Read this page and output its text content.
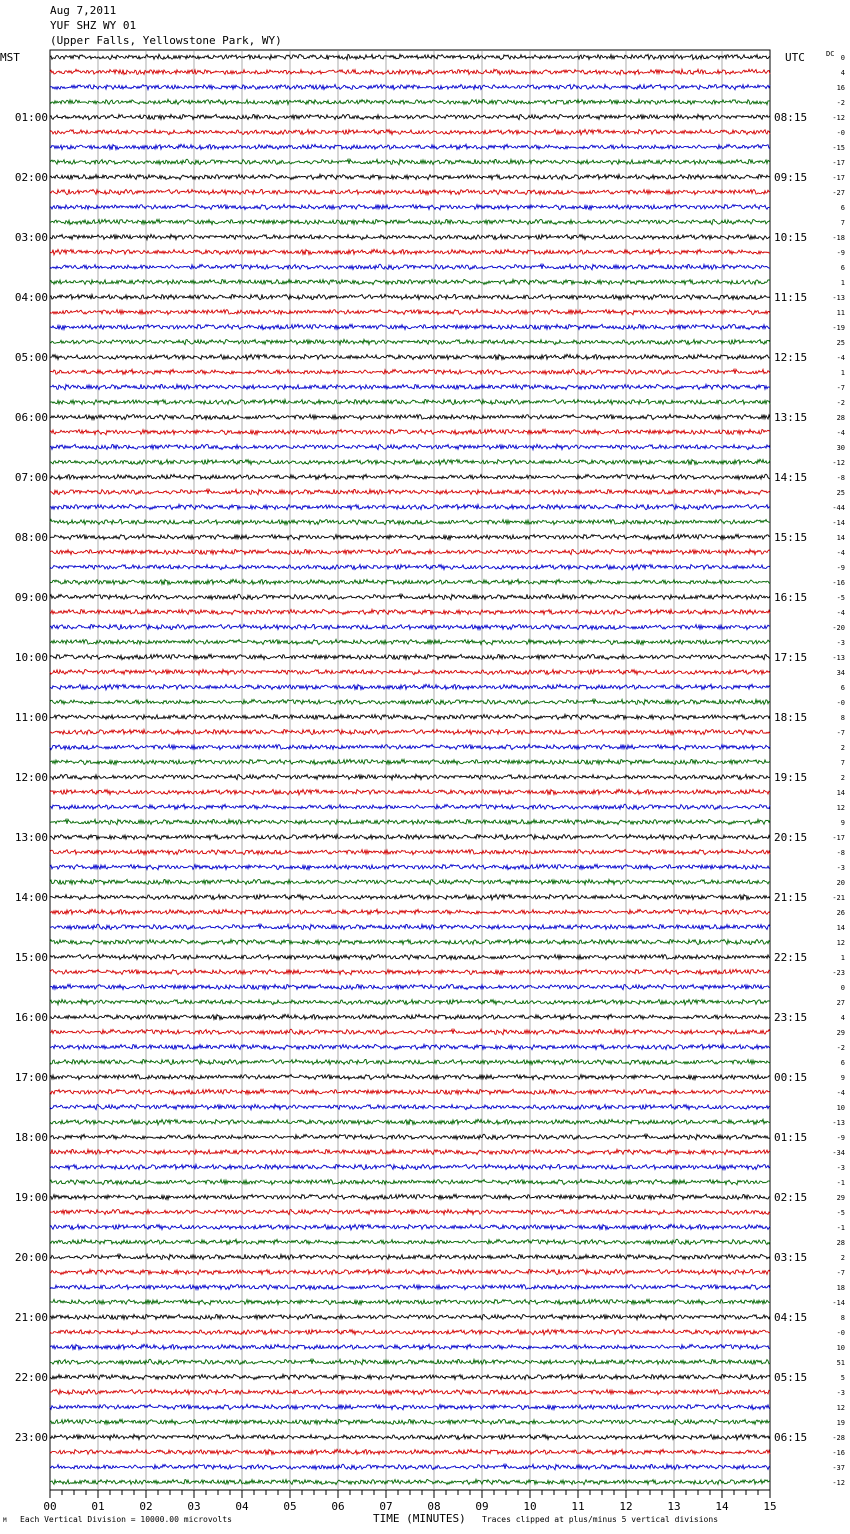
Aug 7,2011
YUF SHZ WY 01
(Upper Falls, Yellowstone Park, WY)
00	01	02	03	04	05	06	07	08	09	10	11	12	13	14	15
01:00
02:00
03:00
04:00
05:00
06:00
07:00
08:00
09:00
10:00
11:00
12:00
13:00
14:00
15:00
16:00
17:00
18:00
19:00
20:00
21:00
22:00
23:00
08:15
09:15
10:15
11:15
12:15
13:15
14:15
15:15
16:15
17:15
18:15
19:15
20:15
21:15
22:15
23:15
00:15
01:15
02:15
03:15
04:15
05:15
06:15
0
4
16
-2
-12
-0
-15
-17
-17
-27
6
7
-18
-9
6
1
-13
11
-19
25
-4
1
-7
-2
28
-4
30
-12
-8
25
-44
-14
14
-4
-9
-16
-5
-4
-20
-3
-13
34
6
-0
8
-7
2
7
2
14
12
9
-17
-8
-3
20
-21
26
14
12
1
-23
0
27
4
29
-2
6
9
-4
10
-13
-9
-34
-3
-1
29
-5
-1
28
2
-7
18
-14
8
-0
10
51
5
-3
12
19
-28
-16
-37
-12
MST	UTC	DC
M Each Vertical Division = 10000.00 microvolts	TIME (MINUTES) Traces clipped at plus/minus 5 vertical divisions
